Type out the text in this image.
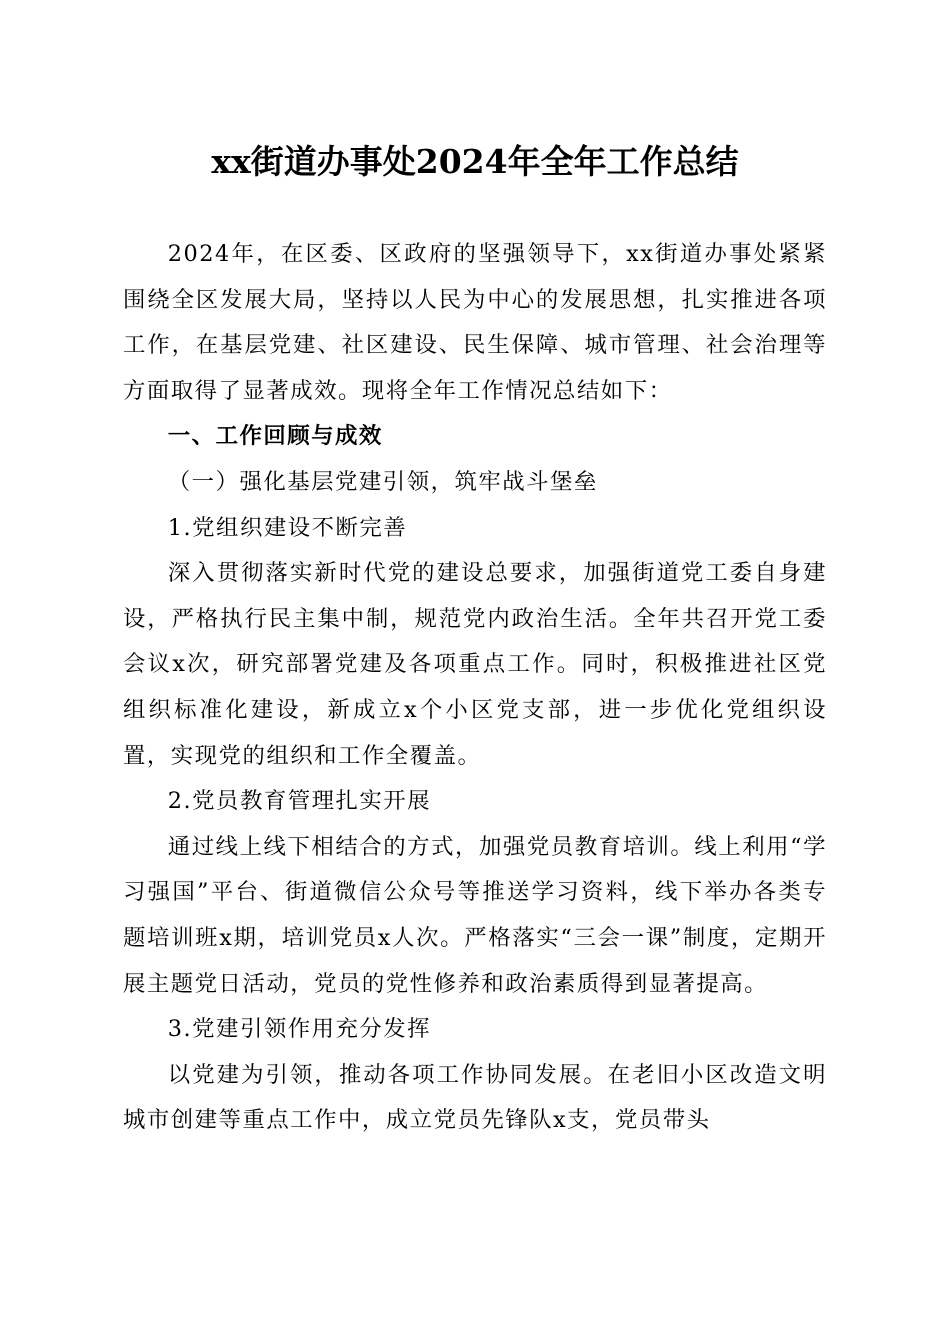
xx街道办事处2024年全年工作总结

2024年，在区委、区政府的坚强领导下，xx街道办事处紧紧围绕全区发展大局，坚持以人民为中心的发展思想，扎实推进各项工作，在基层党建、社区建设、民生保障、城市管理、社会治理等方面取得了显著成效。现将全年工作情况总结如下：

一、工作回顾与成效

（一）强化基层党建引领，筑牢战斗堡垒

1.党组织建设不断完善

深入贯彻落实新时代党的建设总要求，加强街道党工委自身建设，严格执行民主集中制，规范党内政治生活。全年共召开党工委会议x次，研究部署党建及各项重点工作。同时，积极推进社区党组织标准化建设，新成立x个小区党支部，进一步优化党组织设置，实现党的组织和工作全覆盖。

2.党员教育管理扎实开展

通过线上线下相结合的方式，加强党员教育培训。线上利用“学习强国”平台、街道微信公众号等推送学习资料，线下举办各类专题培训班x期，培训党员x人次。严格落实“三会一课”制度，定期开展主题党日活动，党员的党性修养和政治素质得到显著提高。

3.党建引领作用充分发挥

以党建为引领，推动各项工作协同发展。在老旧小区改造文明城市创建等重点工作中，成立党员先锋队x支，党员带头
